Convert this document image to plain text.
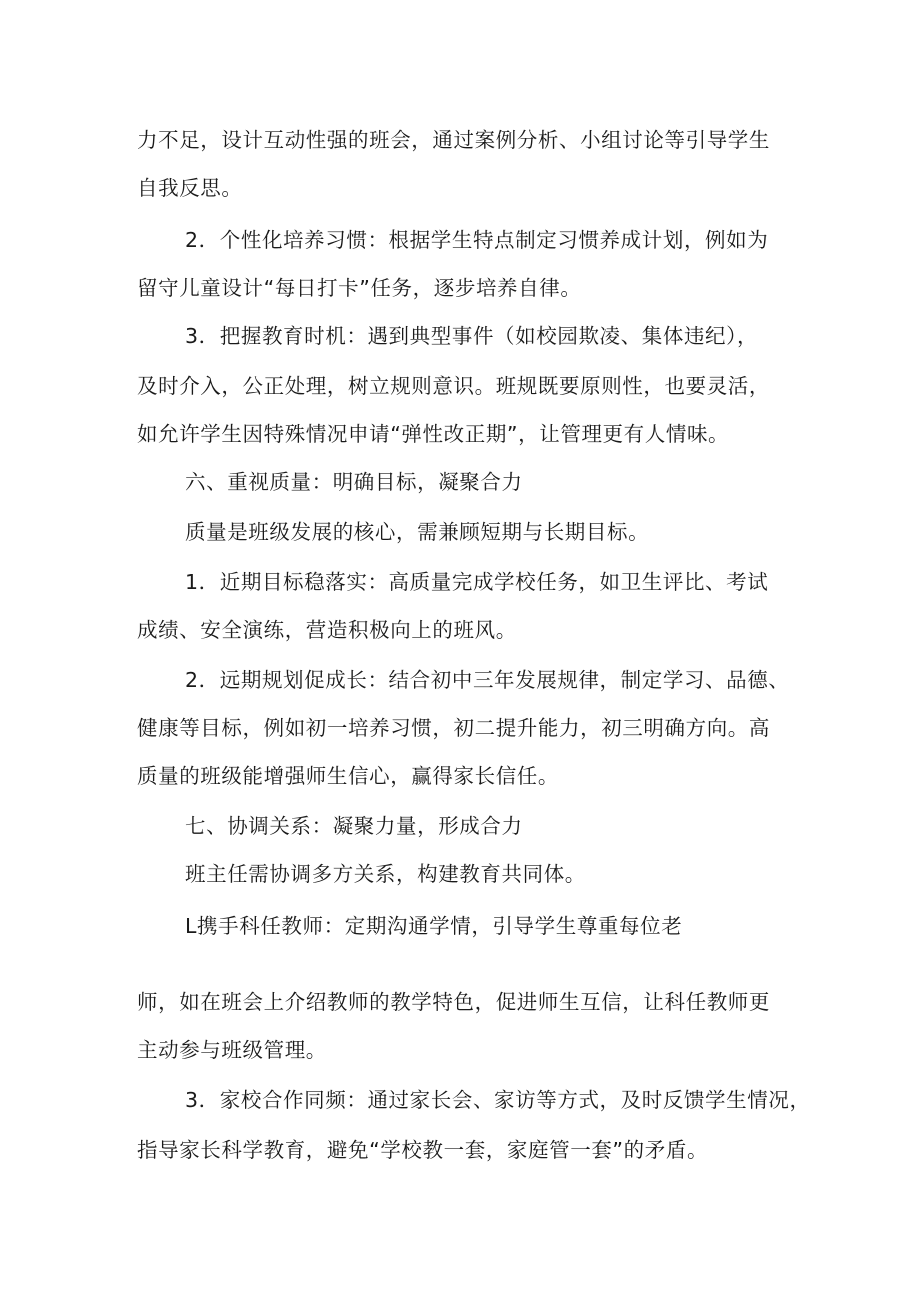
力不足，设计互动性强的班会，通过案例分析、小组讨论等引导学生
自我反思。
2．个性化培养习惯：根据学生特点制定习惯养成计划，例如为
留守儿童设计“每日打卡”任务，逐步培养自律。
3．把握教育时机：遇到典型事件（如校园欺凌、集体违纪），
及时介入，公正处理，树立规则意识。班规既要原则性，也要灵活，
如允许学生因特殊情况申请“弹性改正期”，让管理更有人情味。
六、重视质量：明确目标，凝聚合力
质量是班级发展的核心，需兼顾短期与长期目标。
1．近期目标稳落实：高质量完成学校任务，如卫生评比、考试
成绩、安全演练，营造积极向上的班风。
2．远期规划促成长：结合初中三年发展规律，制定学习、品德、
健康等目标，例如初一培养习惯，初二提升能力，初三明确方向。高
质量的班级能增强师生信心，赢得家长信任。
七、协调关系：凝聚力量，形成合力
班主任需协调多方关系，构建教育共同体。
L携手科任教师：定期沟通学情，引导学生尊重每位老
师，如在班会上介绍教师的教学特色，促进师生互信，让科任教师更
主动参与班级管理。
3．家校合作同频：通过家长会、家访等方式，及时反馈学生情况，
指导家长科学教育，避免“学校教一套，家庭管一套”的矛盾。
